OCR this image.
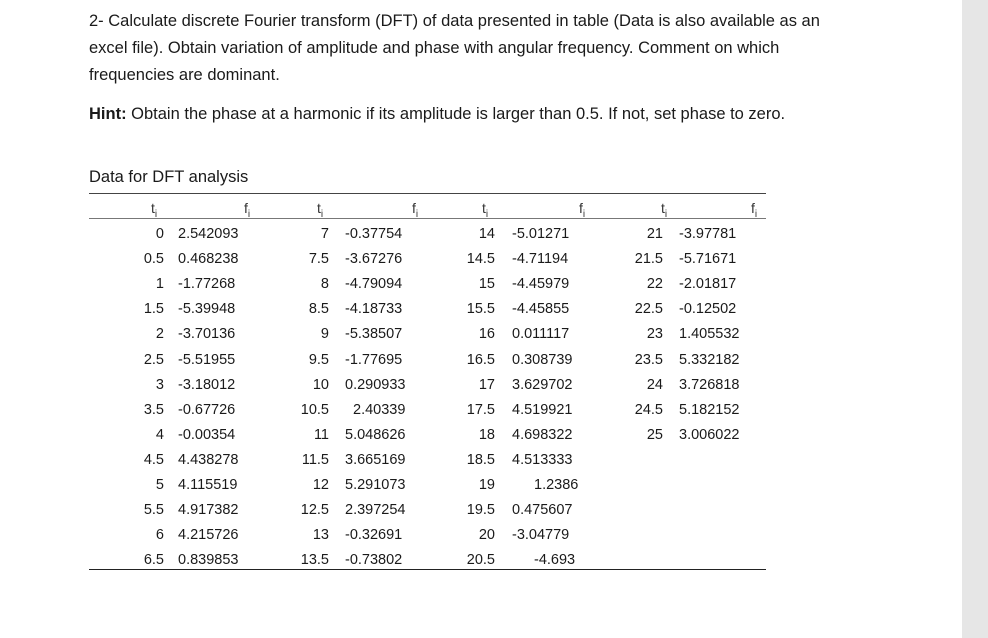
2- Calculate discrete Fourier transform (DFT) of data presented in table (Data is also available as an excel file). Obtain variation of amplitude and phase with angular frequency. Comment on which frequencies are dominant.

Hint: Obtain the phase at a harmonic if its amplitude is larger than 0.5. If not, set phase to zero.

Data for DFT analysis

$t_i$	$f_i$
0 2.542093
0.5 0.468238
1 -1.77268
1.5 -5.39948
2 -3.70136
2.5 -5.51955
3 -3.18012
3.5 -0.67726
4 -0.00354
4.5 4.438278
5 4.115519
5.5 4.917382
6 4.215726
6.5 0.839853
$t_i$	$f_i$
7 -0.37754
7.5 -3.67276
8 -4.79094
8.5 -4.18733
9 -5.38507
9.5 -1.77695
10 0.290933
10.5 2.40339
11 5.048626
11.5 3.665169
12 5.291073
12.5 2.397254
13 -0.32691
13.5 -0.73802
$t_i$	$f_i$
14 -5.01271
14.5 -4.71194
15 -4.45979
15.5 -4.45855
16 0.011117
16.5 0.308739
17 3.629702
17.5 4.519921
18 4.698322
18.5 4.513333
19	1.2386
19.5 0.475607
20 -3.04779
20.5	-4.693
$t_i$	$f_i$
21 -3.97781
21.5 -5.71671
22 -2.01817
22.5 -0.12502
23 1.405532
23.5 5.332182
24 3.726818
24.5 5.182152
25 3.006022
